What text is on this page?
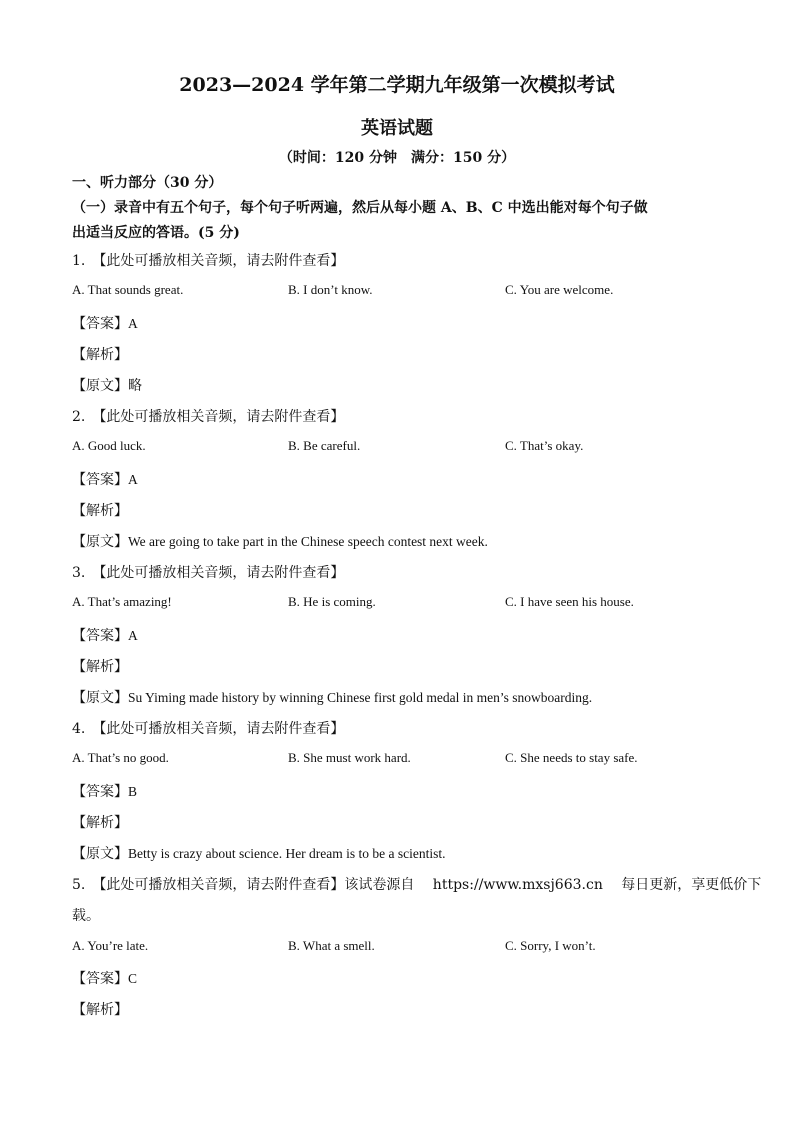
2023—2024 学年第二学期九年级第一次模拟考试
英语试题
（时间：120 分钟　满分：150 分）
一、听力部分（30 分）
（一）录音中有五个句子，每个句子听两遍，然后从每小题 A、B、C 中选出能对每个句子做
出适当反应的答语。(5 分)
1.　【此处可播放相关音频，请去附件查看】
A. That sounds great.	B. I don’t know.	C. You are welcome.
【答案】A
【解析】
【原文】略
2.　【此处可播放相关音频，请去附件查看】
A. Good luck.	B. Be careful.	C. That’s okay.
【答案】A
【解析】
【原文】We are going to take part in the Chinese speech contest next week.
3.　【此处可播放相关音频，请去附件查看】
A. That’s amazing!	B. He is coming.	C. I have seen his house.
【答案】A
【解析】
【原文】Su Yiming made history by winning Chinese first gold medal in men’s snowboarding.
4.　【此处可播放相关音频，请去附件查看】
A. That’s no good.	B. She must work hard.	C. She needs to stay safe.
【答案】B
【解析】
【原文】Betty is crazy about science. Her dream is to be a scientist.
5.　【此处可播放相关音频，请去附件查看】该试卷源自　 https://www.mxsj663.cn　 每日更新，享更低价下
载。
A. You’re late.	B. What a smell.	C. Sorry, I won’t.
【答案】C
【解析】
